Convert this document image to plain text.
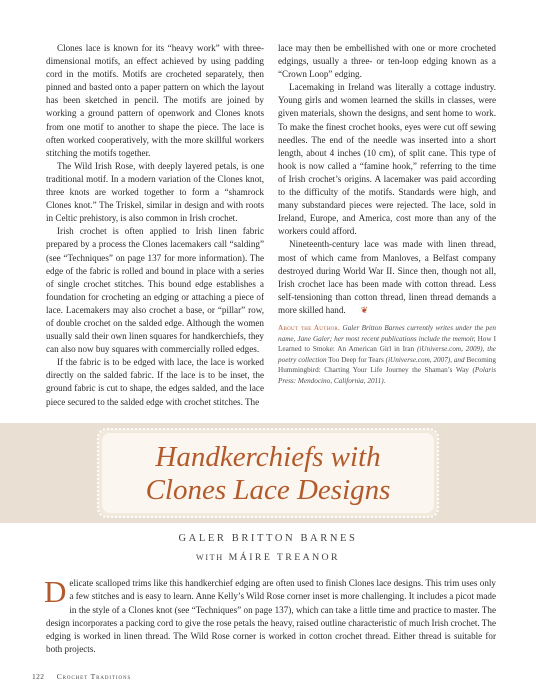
Clones lace is known for its “heavy work” with three-dimensional motifs, an effect achieved by using padding cord in the motifs. Motifs are crocheted separately, then pinned and basted onto a paper pattern on which the layout has been sketched in pencil. The motifs are joined by working a ground pattern of openwork and Clones knots from one motif to another to shape the piece. The lace is often worked cooperatively, with the more skillful workers stitching the motifs together.

The Wild Irish Rose, with deeply layered petals, is one traditional motif. In a modern variation of the Clones knot, three knots are worked together to form a “shamrock Clones knot.” The Triskel, similar in design and with roots in Celtic prehistory, is also common in Irish crochet.

Irish crochet is often applied to Irish linen fabric prepared by a process the Clones lacemakers call “salding” (see “Techniques” on page 137 for more information). The edge of the fabric is rolled and bound in place with a series of single crochet stitches. This bound edge establishes a foundation for crocheting an edging or attaching a piece of lace. Lacemakers may also crochet a base, or “pillar” row, of double crochet on the salded edge. Although the women usually sald their own linen squares for handkerchiefs, they can also now buy squares with commercially rolled edges.

If the fabric is to be edged with lace, the lace is worked directly on the salded fabric. If the lace is to be inset, the ground fabric is cut to shape, the edges salded, and the lace piece secured to the salded edge with crochet stitches. The

lace may then be embellished with one or more crocheted edgings, usually a three- or ten-loop edging known as a “Crown Loop” edging.

Lacemaking in Ireland was literally a cottage industry. Young girls and women learned the skills in classes, were given materials, shown the designs, and sent home to work. To make the finest crochet hooks, eyes were cut off sewing needles. The end of the needle was inserted into a short length, about 4 inches (10 cm), of split cane. This type of hook is now called a “famine hook,” referring to the time of Irish crochet’s origins. A lacemaker was paid according to the difficulty of the motifs. Standards were high, and many substandard pieces were rejected. The lace, sold in Ireland, Europe, and America, cost more than any of the workers could afford.

Nineteenth-century lace was made with linen thread, most of which came from Manloves, a Belfast company destroyed during World War II. Since then, though not all, Irish crochet lace has been made with cotton thread. Less self-tensioning than cotton thread, linen thread demands a more skilled hand. ❦

About the Author. Galer Britton Barnes currently writes under the pen name, Jane Galer; her most recent publications include the memoir, How I Learned to Smoke: An American Girl in Iran (iUniverse.com, 2009), the poetry collection Too Deep for Tears (iUniverse.com, 2007), and Becoming Hummingbird: Charting Your Life Journey the Shaman’s Way (Polaris Press: Mendocino, California, 2011).

Handkerchiefs with
Clones Lace Designs
GALER BRITTON BARNES
WITH MÁIRE TREANOR

Delicate scalloped trims like this handkerchief edging are often used to finish Clones lace designs. This trim uses only a few stitches and is easy to learn. Anne Kelly’s Wild Rose corner inset is more challenging. It includes a picot made in the style of a Clones knot (see “Techniques” on page 137), which can take a little time and practice to master. The design incorporates a packing cord to give the rose petals the heavy, raised outline characteristic of much Irish crochet. The edging is worked in linen thread. The Wild Rose corner is worked in cotton crochet thread. Either thread is suitable for both projects.

122 Crochet Traditions
